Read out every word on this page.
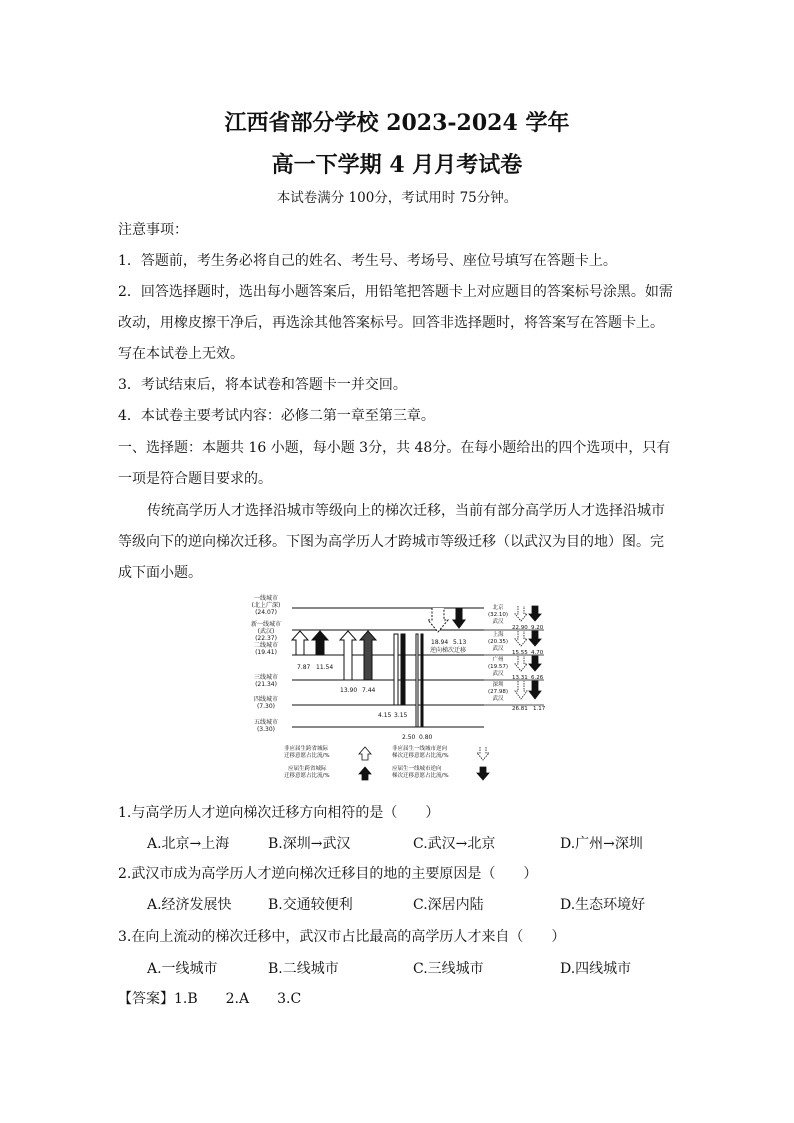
江西省部分学校 2023-2024 学年
高一下学期 4 月月考试卷
本试卷满分 100分，考试用时 75分钟。
注意事项：
1．答题前，考生务必将自己的姓名、考生号、考场号、座位号填写在答题卡上。
2．回答选择题时，选出每小题答案后，用铅笔把答题卡上对应题目的答案标号涂黑。如需
改动，用橡皮擦干净后，再选涂其他答案标号。回答非选择题时，将答案写在答题卡上。
写在本试卷上无效。
3．考试结束后，将本试卷和答题卡一并交回。
4．本试卷主要考试内容：必修二第一章至第三章。
一、选择题：本题共 16 小题，每小题 3分，共 48分。在每小题给出的四个选项中，只有
一项是符合题目要求的。
传统高学历人才选择沿城市等级向上的梯次迁移，当前有部分高学历人才选择沿城市
等级向下的逆向梯次迁移。下图为高学历人才跨城市等级迁移（以武汉为目的地）图。完
成下面小题。
一线城市
(北上广深)
(24.07)
新一线城市
(武汉)
(22.37)
二线城市
(19.41)
三线城市
(21.34)
四线城市
(7.30)
五线城市
(3.30)
7.87 11.54
13.90 7.44
4.15 3.15
2.50 0.80
18.94 5.13
逆向梯次迁移
北京
(32.10)
武汉
上海
(20.35)
武汉
广州
(19.57)
武汉
深圳
(27.98)
武汉
22.90 9.20
15.55 4.70
13.31 6.26
26.81 1.17
非应届生跨省城际
迁移意愿占比流/%
应届生跨省城际
迁移意愿占比流/%
非应届生一线城市逆向
梯次迁移意愿占比流/%
应届生一线城市逆向
梯次迁移意愿占比流/%
1.与高学历人才逆向梯次迁移方向相符的是（　　）
A.北京→上海	B.深圳→武汉	C.武汉→北京	D.广州→深圳
2.武汉市成为高学历人才逆向梯次迁移目的地的主要原因是（　　）
A.经济发展快	B.交通较便利	C.深居内陆	D.生态环境好
3.在向上流动的梯次迁移中，武汉市占比最高的高学历人才来自（　　）
A.一线城市	B.二线城市	C.三线城市	D.四线城市
【答案】1.B　　2.A　　3.C
